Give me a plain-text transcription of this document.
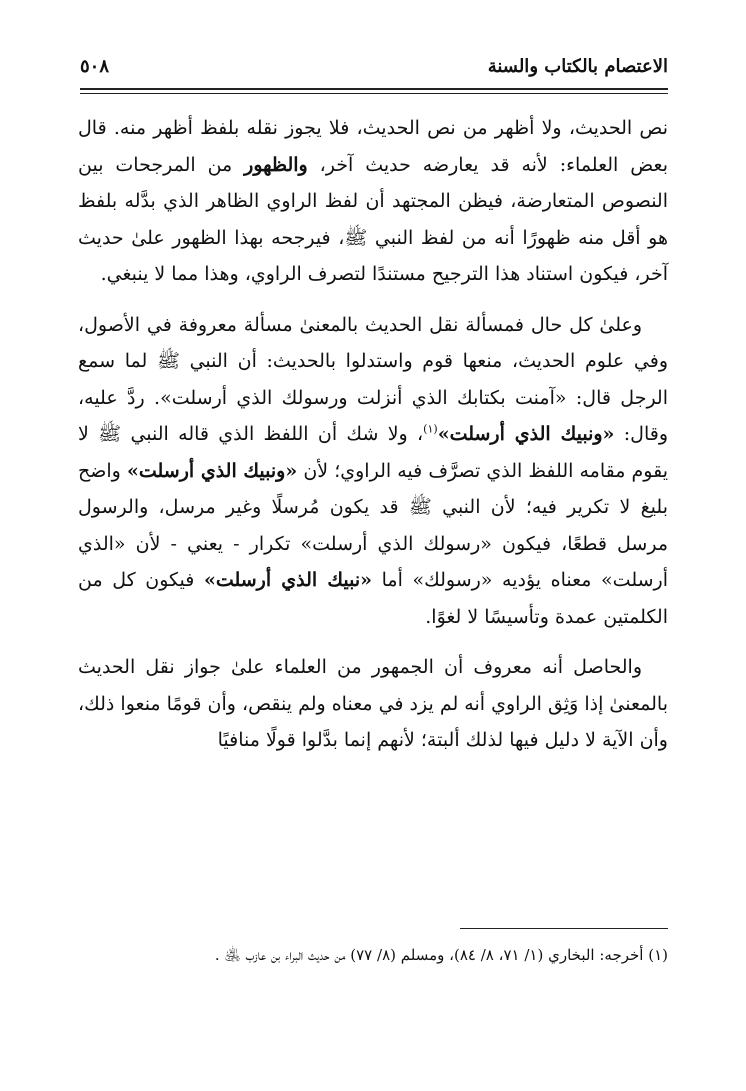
الاعتصام بالكتاب والسنة
٥٠٨

نص الحديث، ولا أظهر من نص الحديث، فلا يجوز نقله بلفظ أظهر منه. قال بعض العلماء: لأنه قد يعارضه حديث آخر، والظهور من المرجحات بين النصوص المتعارضة، فيظن المجتهد أن لفظ الراوي الظاهر الذي بدَّله بلفظ هو أقل منه ظهورًا أنه من لفظ النبي ﷺ، فيرجحه بهذا الظهور علىٰ حديث آخر، فيكون استناد هذا الترجيح مستندًا لتصرف الراوي، وهذا مما لا ينبغي.

وعلىٰ كل حال فمسألة نقل الحديث بالمعنىٰ مسألة معروفة في الأصول، وفي علوم الحديث، منعها قوم واستدلوا بالحديث: أن النبي ﷺ لما سمع الرجل قال: «آمنت بكتابك الذي أنزلت ورسولك الذي أرسلت». ردَّ عليه، وقال: «ونبيك الذي أرسلت»$^{(١)}$، ولا شك أن اللفظ الذي قاله النبي ﷺ لا يقوم مقامه اللفظ الذي تصرَّف فيه الراوي؛ لأن «ونبيك الذي أرسلت» واضح بليغ لا تكرير فيه؛ لأن النبي ﷺ قد يكون مُرسلًا وغير مرسل، والرسول مرسل قطعًا، فيكون «رسولك الذي أرسلت» تكرار - يعني - لأن «الذي أرسلت» معناه يؤديه «رسولك» أما «نبيك الذي أرسلت» فيكون كل من الكلمتين عمدة وتأسيسًا لا لغوًا.

والحاصل أنه معروف أن الجمهور من العلماء علىٰ جواز نقل الحديث بالمعنىٰ إذا وَثِق الراوي أنه لم يزد في معناه ولم ينقص، وأن قومًا منعوا ذلك، وأن الآية لا دليل فيها لذلك ألبتة؛ لأنهم إنما بدَّلوا قولًا منافيًا

(١) أخرجه: البخاري (١/ ٧١، ٨/ ٨٤)، ومسلم (٨/ ٧٧) من حديث البراء بن عازب ﵁ .
